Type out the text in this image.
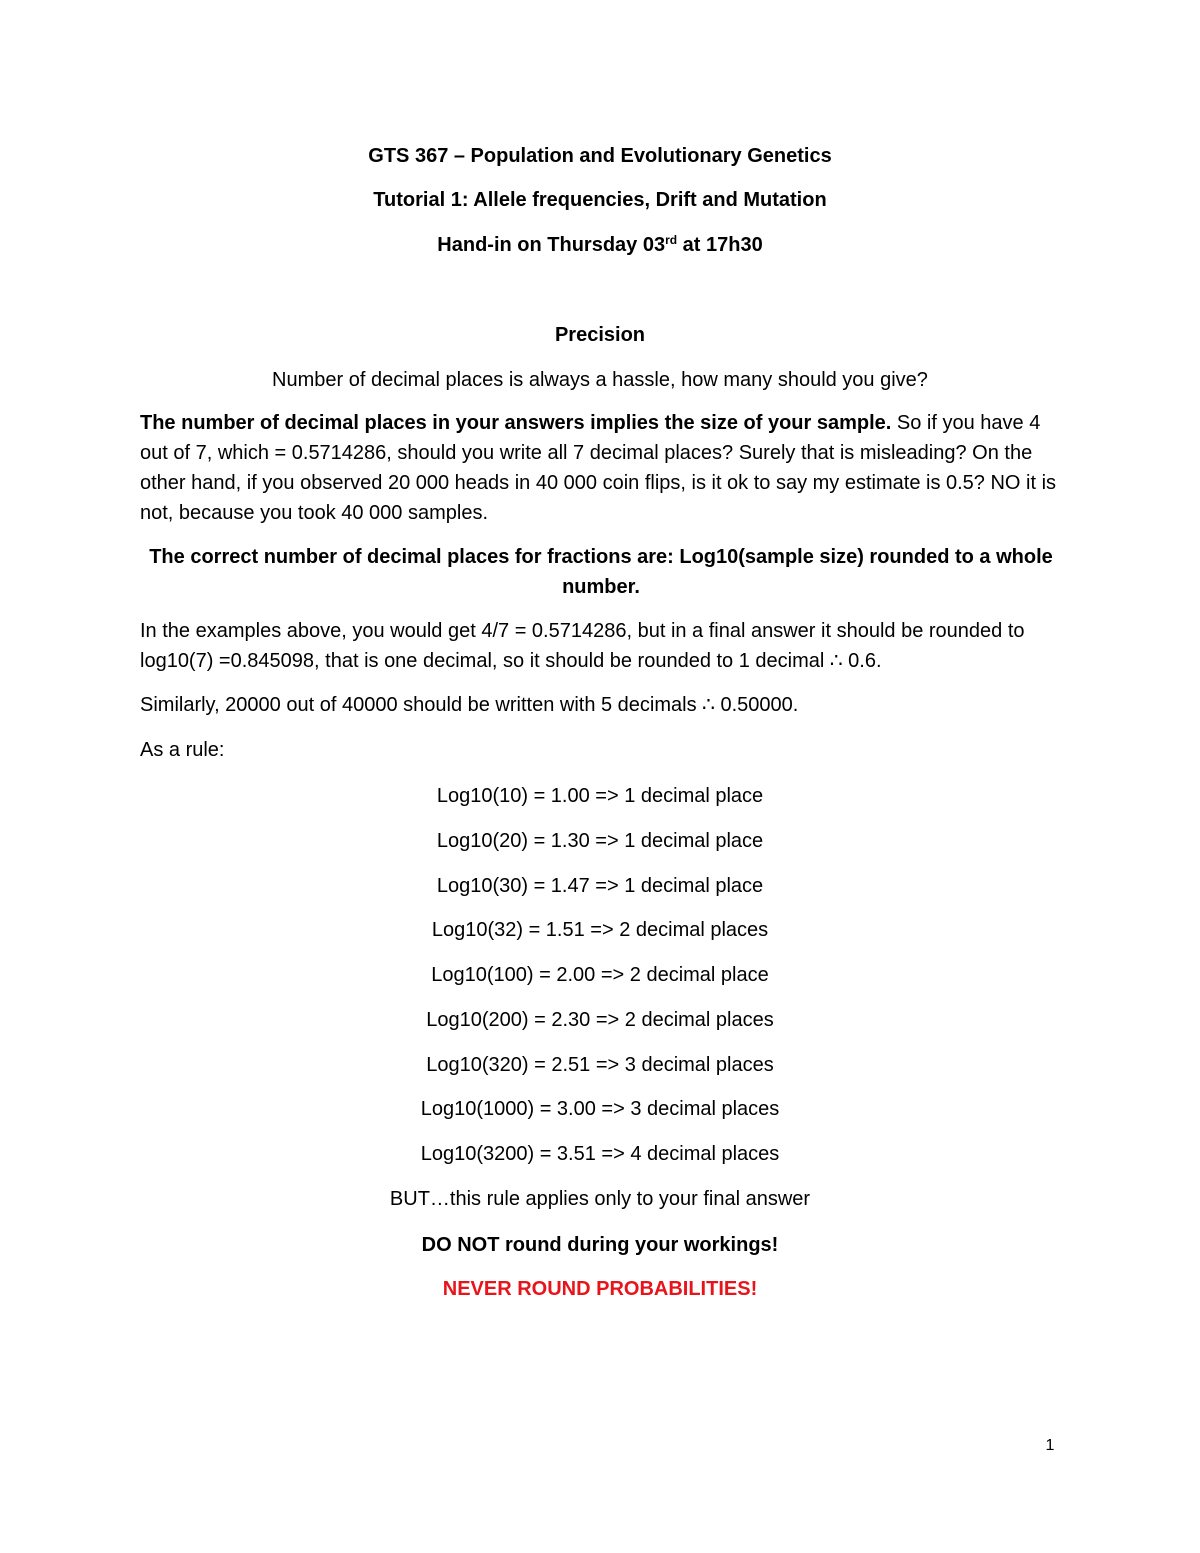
GTS 367 – Population and Evolutionary Genetics
Tutorial 1: Allele frequencies, Drift and Mutation
Hand-in on Thursday 03rd at 17h30
Precision
Number of decimal places is always a hassle, how many should you give?
The number of decimal places in your answers implies the size of your sample. So if you have 4 out of 7, which = 0.5714286, should you write all 7 decimal places? Surely that is misleading? On the other hand, if you observed 20 000 heads in 40 000 coin flips, is it ok to say my estimate is 0.5? NO it is not, because you took 40 000 samples.
The correct number of decimal places for fractions are: Log10(sample size) rounded to a whole number.
In the examples above, you would get 4/7 = 0.5714286, but in a final answer it should be rounded to log10(7) =0.845098, that is one decimal, so it should be rounded to 1 decimal ∴ 0.6.
Similarly, 20000 out of 40000 should be written with 5 decimals ∴ 0.50000.
As a rule:
Log10(10) = 1.00 => 1 decimal place
Log10(20) = 1.30 => 1 decimal place
Log10(30) = 1.47 => 1 decimal place
Log10(32) = 1.51 => 2 decimal places
Log10(100) = 2.00 => 2 decimal place
Log10(200) = 2.30 => 2 decimal places
Log10(320) = 2.51 => 3 decimal places
Log10(1000) = 3.00 => 3 decimal places
Log10(3200) = 3.51 => 4 decimal places
BUT…this rule applies only to your final answer
DO NOT round during your workings!
NEVER ROUND PROBABILITIES!
1
